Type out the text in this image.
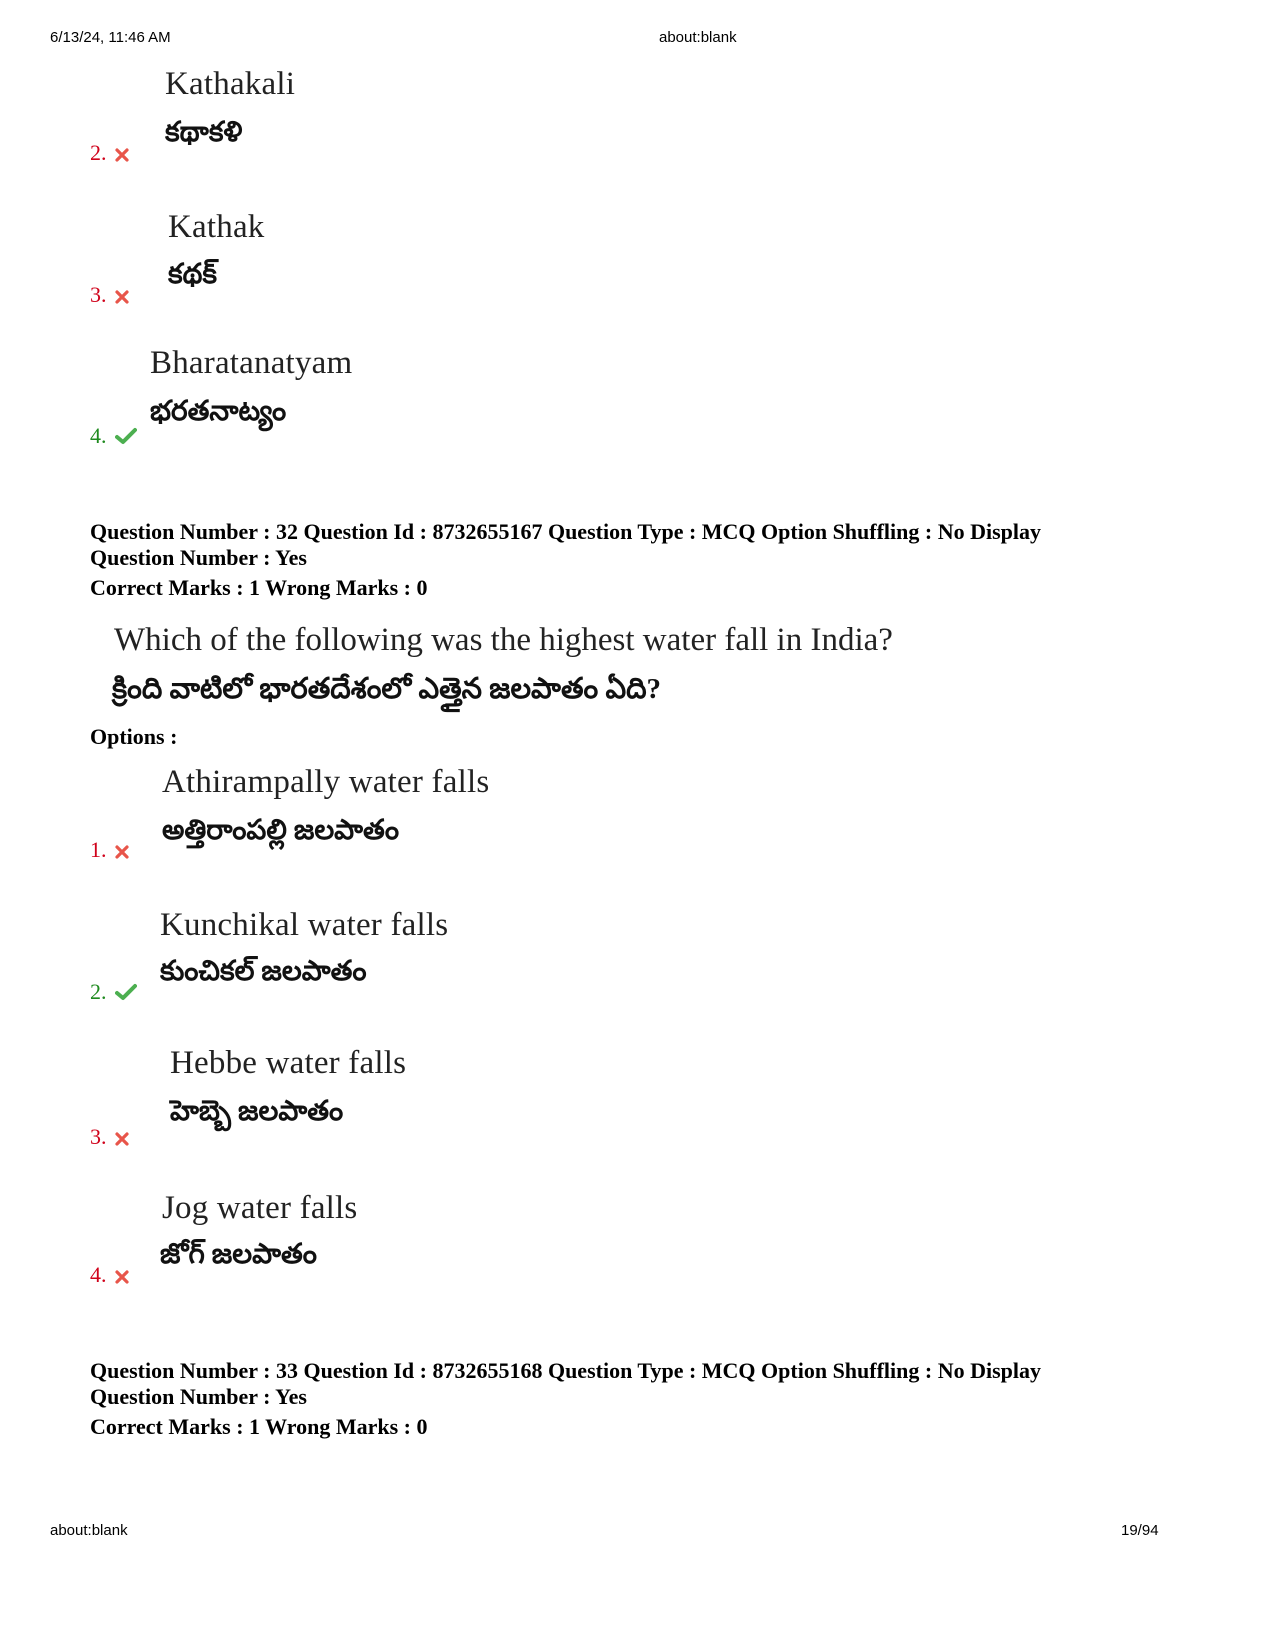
6/13/24, 11:46 AM	about:blank
Kathakali
కథాకళి
2.
Kathak
కథక్
3.
Bharatanatyam
భరతనాట్యం
4.
Question Number : 32 Question Id : 8732655167 Question Type : MCQ Option Shuffling : No Display
Question Number : Yes
Correct Marks : 1 Wrong Marks : 0
Which of the following was the highest water fall in India?
క్రింది వాటిలో భారతదేశంలో ఎత్తైన జలపాతం ఏది?
Options :
Athirampally water falls
అత్తిరాంపల్లి జలపాతం
1.
Kunchikal water falls
కుంచికల్ జలపాతం
2.
Hebbe water falls
హెబ్బె జలపాతం
3.
Jog water falls
జోగ్ జలపాతం
4.
Question Number : 33 Question Id : 8732655168 Question Type : MCQ Option Shuffling : No Display
Question Number : Yes
Correct Marks : 1 Wrong Marks : 0
about:blank	19/94
